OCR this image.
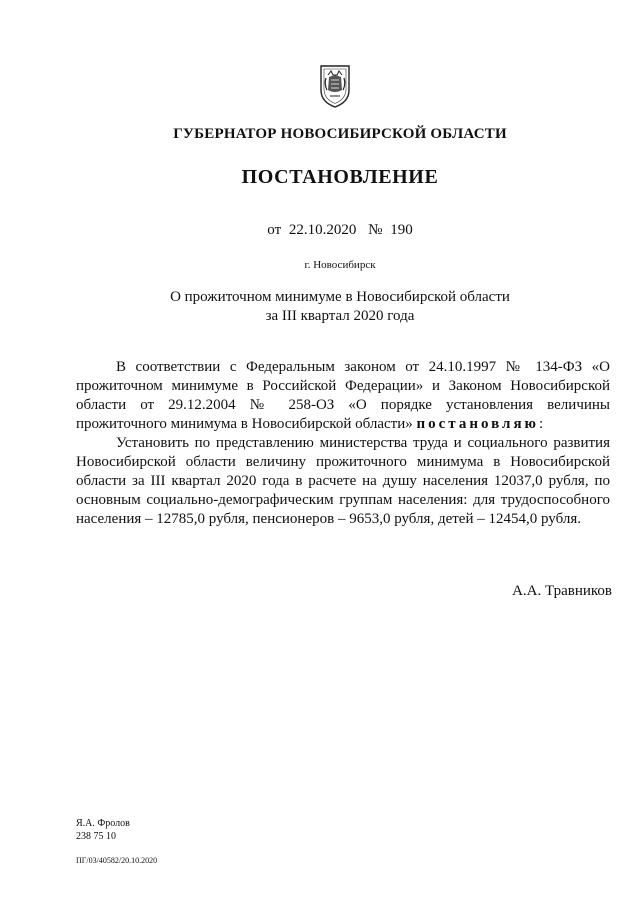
ГУБЕРНАТОР НОВОСИБИРСКОЙ ОБЛАСТИ
ПОСТАНОВЛЕНИЕ
от 22.10.2020 № 190
г. Новосибирск
О прожиточном минимуме в Новосибирской области
за III квартал 2020 года

В соответствии с Федеральным законом от 24.10.1997 № 134-ФЗ «О прожиточном минимуме в Российской Федерации» и Законом Новосибирской области от 29.12.2004 № 258-ОЗ «О порядке установления величины прожиточного минимума в Новосибирской области» постановляю:

Установить по представлению министерства труда и социального развития Новосибирской области величину прожиточного минимума в Новосибирской области за III квартал 2020 года в расчете на душу населения 12037,0 рубля, по основным социально-демографическим группам населения: для трудоспособного населения – 12785,0 рубля, пенсионеров – 9653,0 рубля, детей – 12454,0 рубля.

А.А. Травников
Я.А. Фролов
238 75 10
ПГ/03/40582/20.10.2020
